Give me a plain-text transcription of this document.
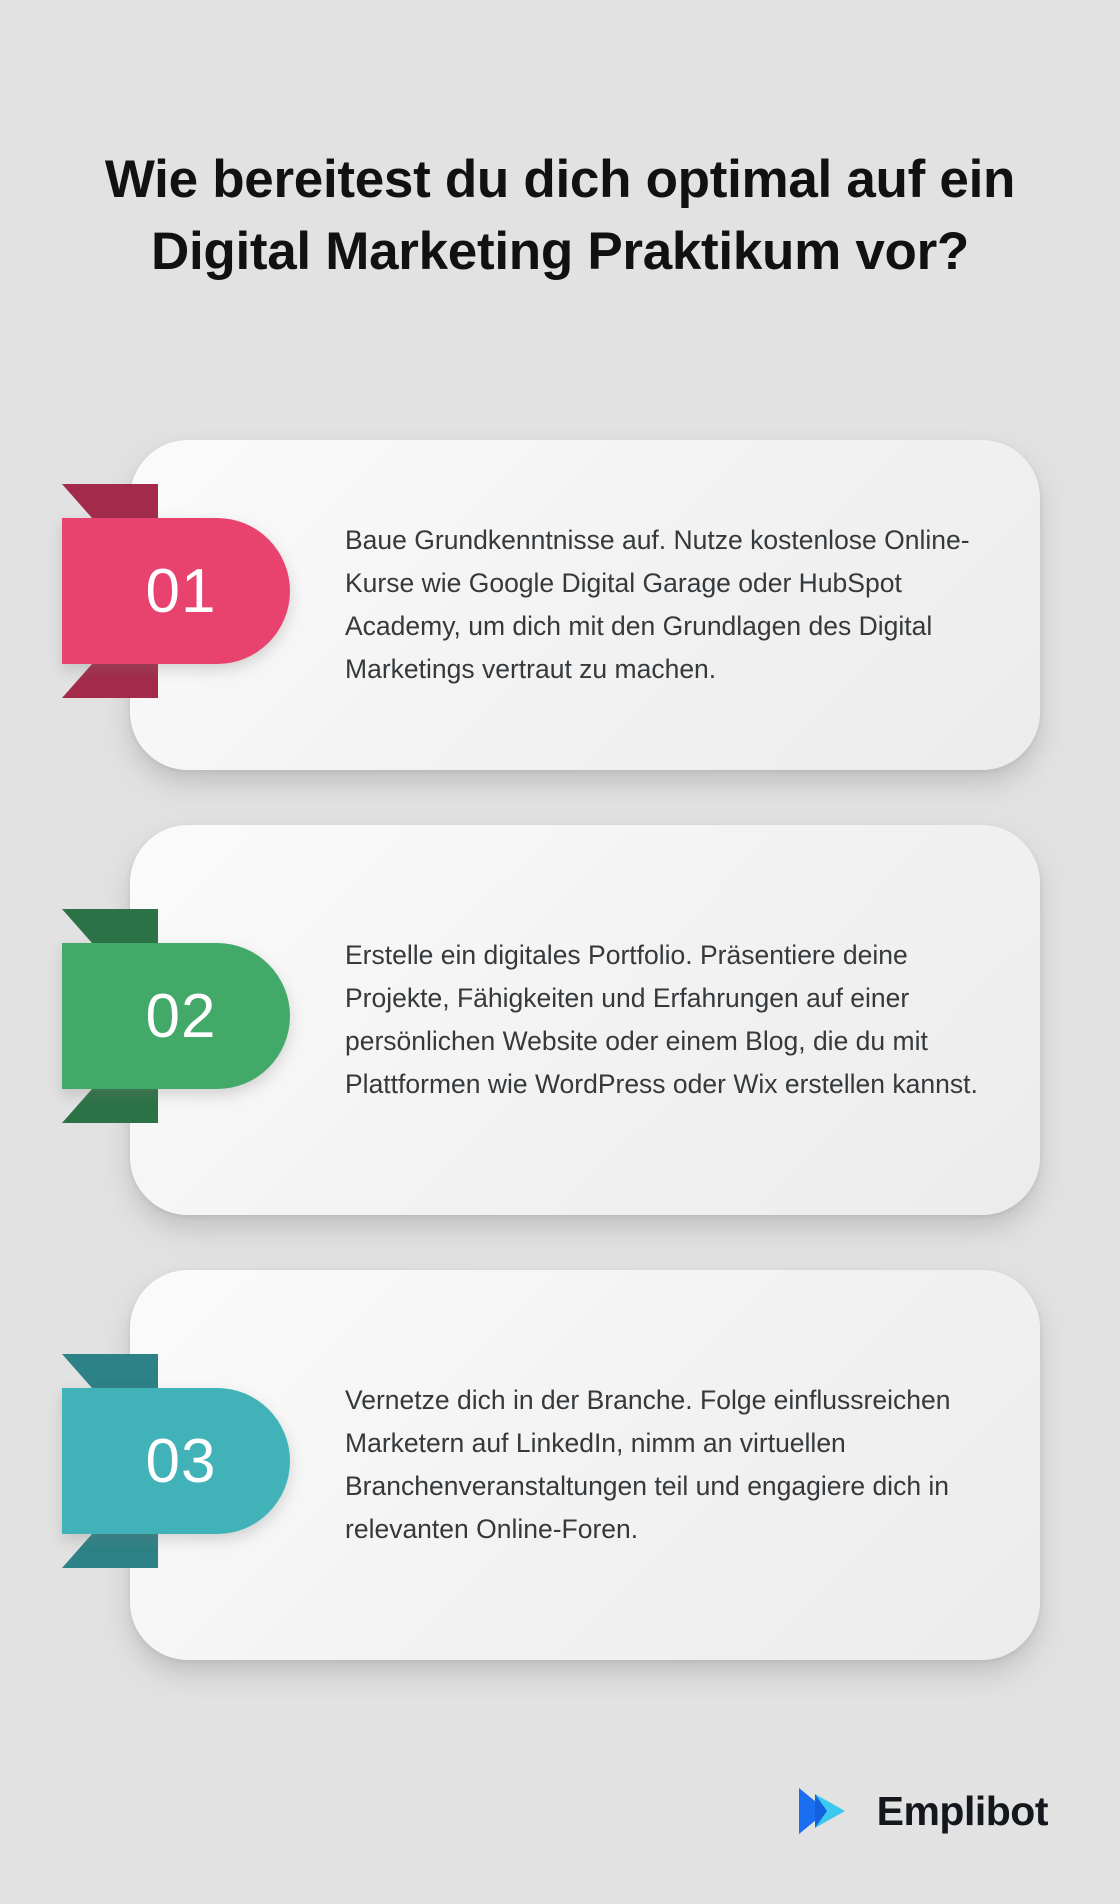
Wie bereitest du dich optimal auf ein Digital Marketing Praktikum vor?
01
Baue Grundkenntnisse auf. Nutze kostenlose Online-Kurse wie Google Digital Garage oder HubSpot Academy, um dich mit den Grundlagen des Digital Marketings vertraut zu machen.
02
Erstelle ein digitales Portfolio. Präsentiere deine Projekte, Fähigkeiten und Erfahrungen auf einer persönlichen Website oder einem Blog, die du mit Plattformen wie WordPress oder Wix erstellen kannst.
03
Vernetze dich in der Branche. Folge einflussreichen Marketern auf LinkedIn, nimm an virtuellen Branchenveranstaltungen teil und engagiere dich in relevanten Online-Foren.
Emplibot
